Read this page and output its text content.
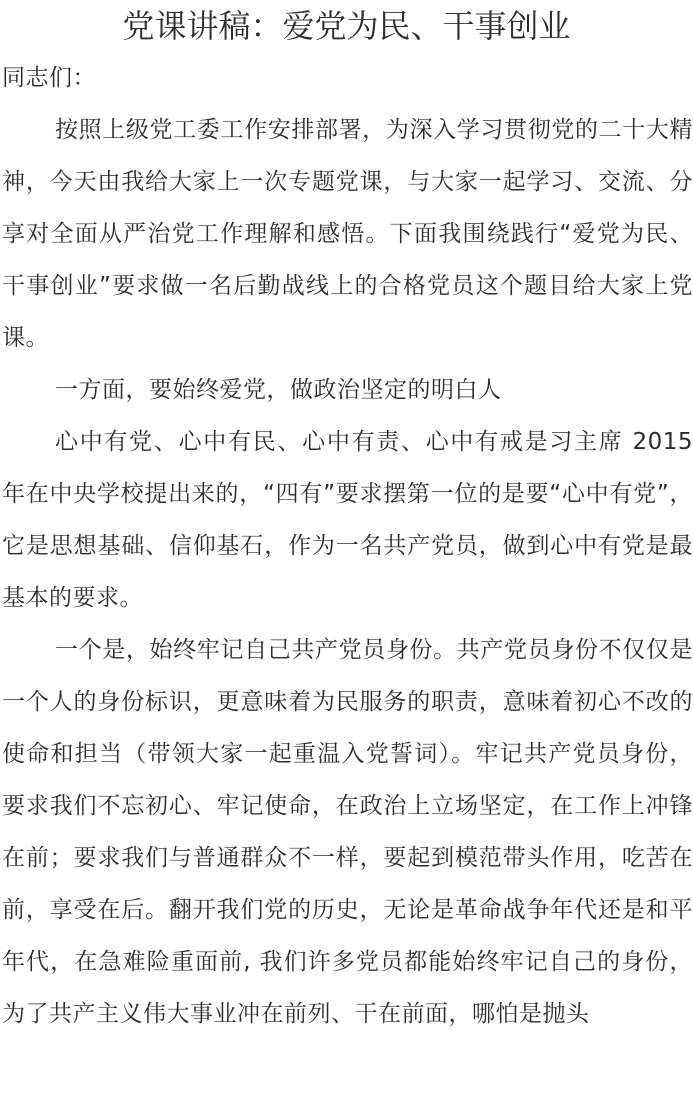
党课讲稿：爱党为民、干事创业

同志们：

按照上级党工委工作安排部署，为深入学习贯彻党的二十大精神，今天由我给大家上一次专题党课，与大家一起学习、交流、分享对全面从严治党工作理解和感悟。下面我围绕践行“爱党为民、干事创业”要求做一名后勤战线上的合格党员这个题目给大家上党课。

一方面，要始终爱党，做政治坚定的明白人

心中有党、心中有民、心中有责、心中有戒是习主席 2015 年在中央学校提出来的，“四有”要求摆第一位的是要“心中有党”，它是思想基础、信仰基石，作为一名共产党员，做到心中有党是最基本的要求。

一个是，始终牢记自己共产党员身份。共产党员身份不仅仅是一个人的身份标识，更意味着为民服务的职责，意味着初心不改的使命和担当（带领大家一起重温入党誓词）。牢记共产党员身份，要求我们不忘初心、牢记使命，在政治上立场坚定，在工作上冲锋在前；要求我们与普通群众不一样，要起到模范带头作用，吃苦在前，享受在后。翻开我们党的历史，无论是革命战争年代还是和平年代，在急难险重面前, 我们许多党员都能始终牢记自己的身份，为了共产主义伟大事业冲在前列、干在前面，哪怕是抛头
